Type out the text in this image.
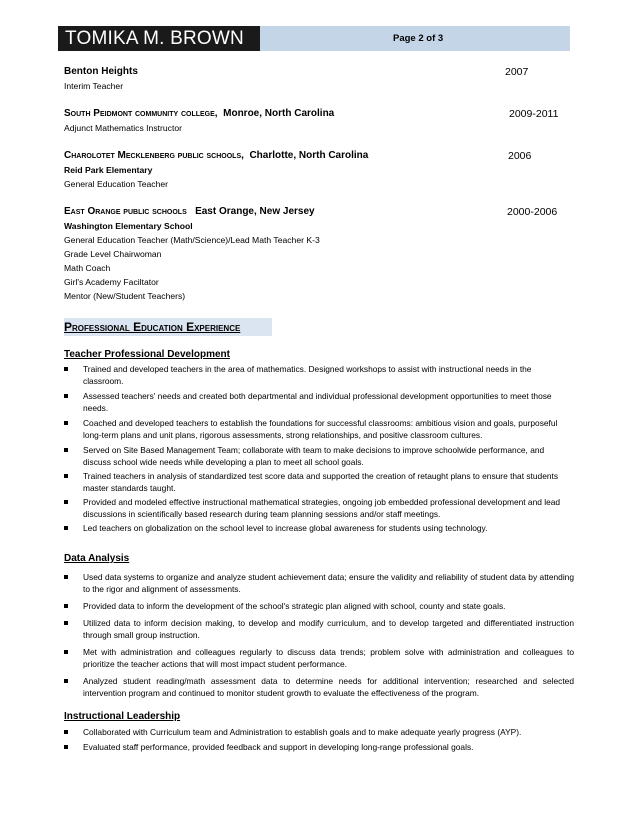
TOMIKA M. BROWN	Page 2 of 3
Benton Heights	2007
Interim Teacher
South Peidmont community college, Monroe, North Carolina	2009-2011
Adjunct Mathematics Instructor
Charolotet Mecklenberg public schools, Charlotte, North Carolina	2006
Reid Park Elementary
General Education Teacher
East Orange public schools East Orange, New Jersey	2000-2006
Washington Elementary School
General Education Teacher (Math/Science)/Lead Math Teacher K-3
Grade Level Chairwoman
Math Coach
Girl's Academy Faciltator
Mentor (New/Student Teachers)
Professional Education Experience
Teacher Professional Development
Trained and developed teachers in the area of mathematics. Designed workshops to assist with instructional needs in the classroom.
Assessed teachers' needs and created both departmental and individual professional development opportunities to meet those needs.
Coached and developed teachers to establish the foundations for successful classrooms: ambitious vision and goals, purposeful long-term plans and unit plans, rigorous assessments, strong relationships, and positive classroom cultures.
Served on Site Based Management Team; collaborate with team to make decisions to improve schoolwide performance, and discuss school wide needs while developing a plan to meet all school goals.
Trained teachers in analysis of standardized test score data and supported the creation of retaught plans to ensure that students master standards taught.
Provided and modeled effective instructional mathematical strategies, ongoing job embedded professional development and lead discussions in scientifically based research during team planning sessions and/or staff meetings.
Led teachers on globalization on the school level to increase global awareness for students using technology.
Data Analysis
Used data systems to organize and analyze student achievement data; ensure the validity and reliability of student data by attending to the rigor and alignment of assessments.
Provided data to inform the development of the school's strategic plan aligned with school, county and state goals.
Utilized data to inform decision making, to develop and modify curriculum, and to develop targeted and differentiated instruction through small group instruction.
Met with administration and colleagues regularly to discuss data trends; problem solve with administration and colleagues to prioritize the teacher actions that will most impact student performance.
Analyzed student reading/math assessment data to determine needs for additional intervention; researched and selected intervention program and continued to monitor student growth to evaluate the effectiveness of the program.
Instructional Leadership
Collaborated with Curriculum team and Administration to establish goals and to make adequate yearly progress (AYP).
Evaluated staff performance, provided feedback and support in developing long-range professional goals.
